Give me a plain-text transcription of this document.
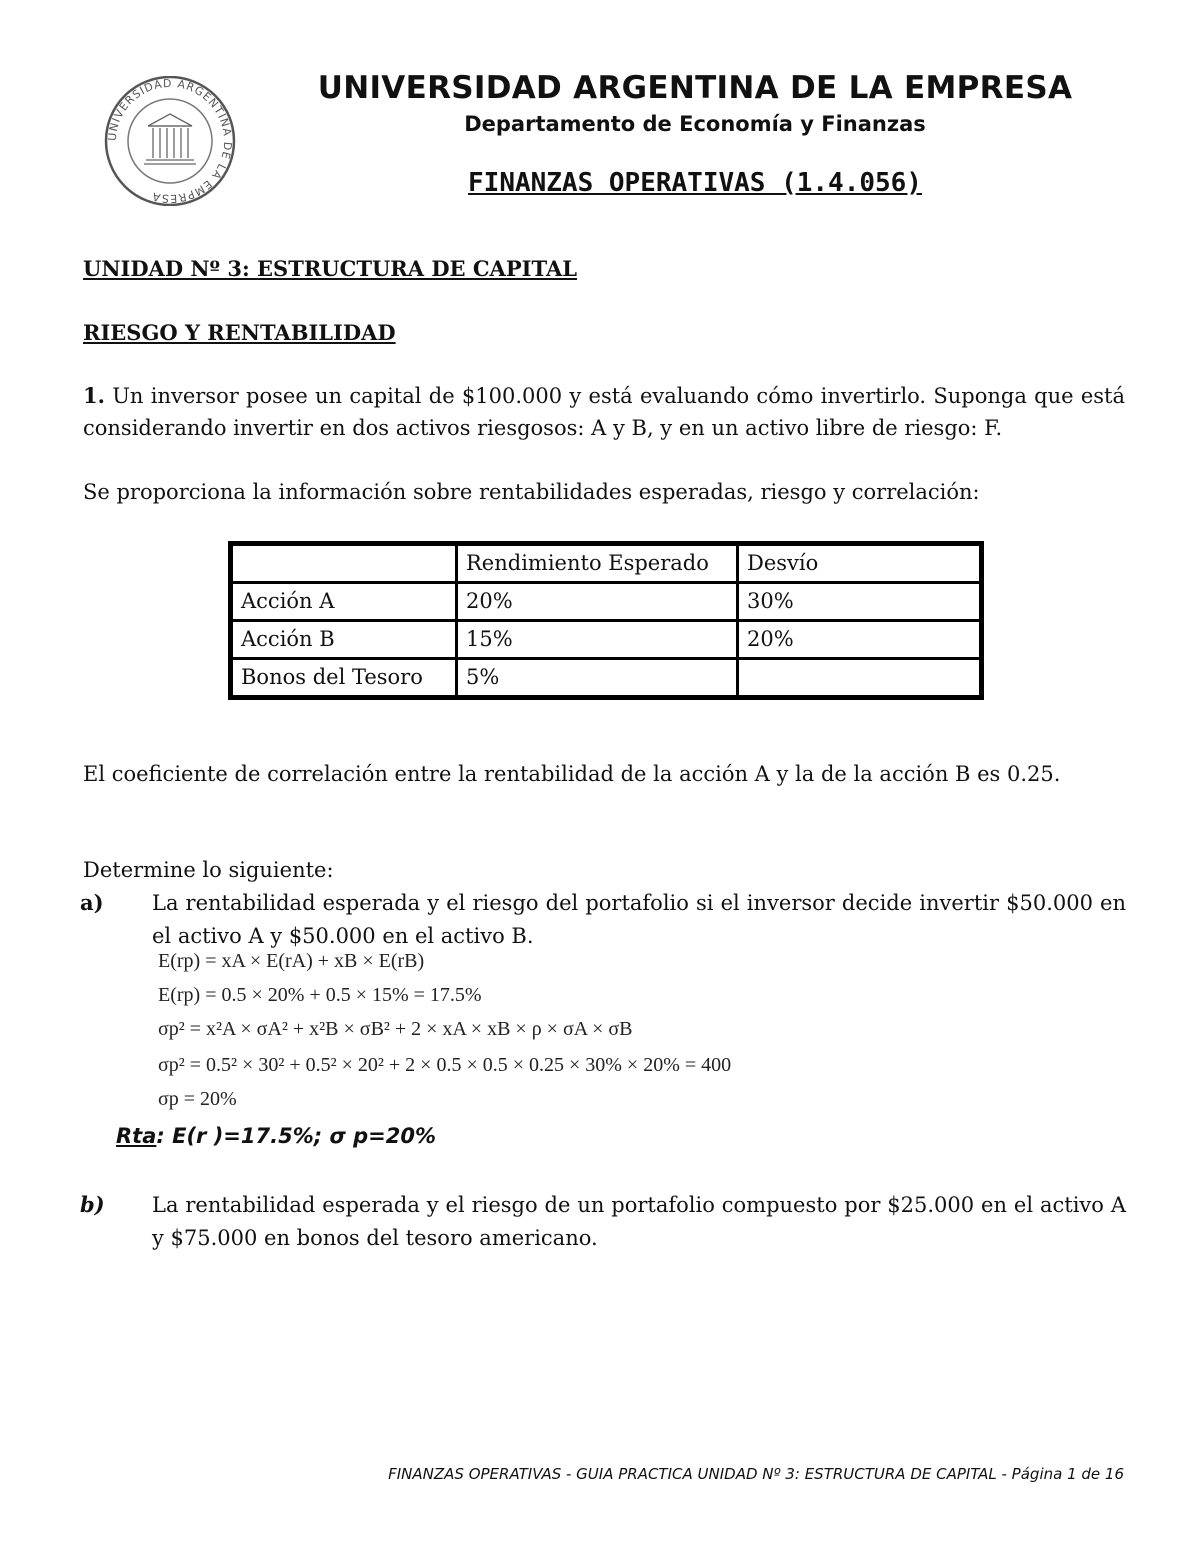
UNIVERSIDAD ARGENTINA DE LA EMPRESA
UNIVERSIDAD ARGENTINA DE LA EMPRESA
Departamento de Economía y Finanzas
FINANZAS OPERATIVAS (1.4.056)
UNIDAD Nº 3: ESTRUCTURA DE CAPITAL
RIESGO Y RENTABILIDAD
1. Un inversor posee un capital de $100.000 y está evaluando cómo invertirlo. Suponga que está considerando invertir en dos activos riesgosos: A y B, y en un activo libre de riesgo: F.
Se proporciona la información sobre rentabilidades esperadas, riesgo y correlación:
	Rendimiento Esperado	Desvío
Acción A	20%	30%
Acción B	15%	20%
Bonos del Tesoro	5%	
El coeficiente de correlación entre la rentabilidad de la acción A y la de la acción B es 0.25.
Determine lo siguiente:
a) La rentabilidad esperada y el riesgo del portafolio si el inversor decide invertir $50.000 en el activo A y $50.000 en el activo B.
E(rp) = xA × E(rA) + xB × E(rB)
E(rp) = 0.5 × 20% + 0.5 × 15% = 17.5%
σp² = x²A × σA² + x²B × σB² + 2 × xA × xB × ρ × σA × σB
σp² = 0.5² × 30² + 0.5² × 20² + 2 × 0.5 × 0.5 × 0.25 × 30% × 20% = 400
σp = 20%
Rta: E(r )=17.5%; σ p=20%
b) La rentabilidad esperada y el riesgo de un portafolio compuesto por $25.000 en el activo A y $75.000 en bonos del tesoro americano.
FINANZAS OPERATIVAS - GUIA PRACTICA UNIDAD Nº 3: ESTRUCTURA DE CAPITAL - Página 1 de 16
